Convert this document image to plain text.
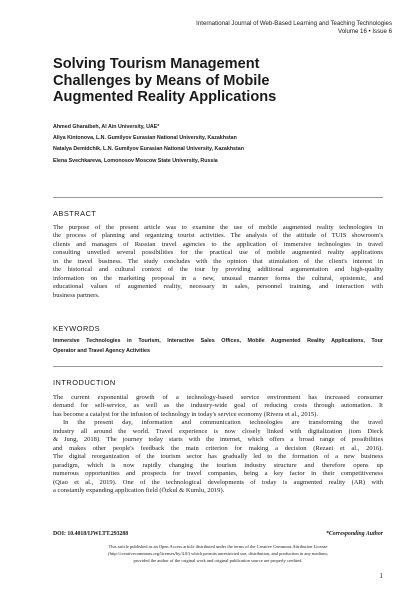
International Journal of Web-Based Learning and Teaching Technologies
Volume 16 • Issue 6
Solving Tourism Management
Challenges by Means of Mobile
Augmented Reality Applications
Ahmed Gharaibeh, Al Ain University, UAE*
Aliya Kintonova, L.N. Gumilyov Eurasian National University, Kazakhstan
Natalya Demidchik, L.N. Gumilyov Eurasian National University, Kazakhstan
Elena Svechkareva, Lomonosov Moscow State University, Russia
ABSTRACT
The purpose of the present article was to examine the use of mobile augmented reality technologies in
the process of planning and organizing tourist activities. The analysis of the attitude of TUIS showroom's
clients and managers of Russian travel agencies to the application of immersive technologies in travel
consulting unveiled several possibilities for the practical use of mobile augmented reality applications
in the travel business. The study concludes with the opinion that stimulation of the client's interest in
the historical and cultural context of the tour by providing additional argumentation and high-quality
information on the marketing proposal in a new, unusual manner forms the cultural, epistemic, and
educational values of augmented reality, necessary in sales, personnel training, and interaction with
business partners.
KEYWORDS
Immersive Technologies in Tourism, Interactive Sales Offices, Mobile Augmented Reality Applications, Tour
Operator and Travel Agency Activities
INTRODUCTION
The current exponential growth of a technology-based service environment has increased consumer
demand for self-service, as well as the industry-wide goal of reducing costs through automation. It
has become a catalyst for the infusion of technology in today's service economy (Rivera et al., 2015).
In the present day, information and communication technologies are transforming the travel
industry all around the world. Travel experience is now closely linked with digitalization (tom Dieck
& Jung, 2018). The journey today starts with the internet, which offers a broad range of possibilities
and makes other people's feedback the main criterion for making a decision (Rezaei et al., 2016).
The digital reorganization of the tourism sector has gradually led to the formation of a new business
paradigm, which is now rapidly changing the tourism industry structure and therefore opens up
numerous opportunities and prospects for travel companies, being a key factor in their competitiveness
(Qiao et al., 2019). One of the technological developments of today is augmented reality (AR) with
a constantly expanding application field (Özkul & Kumlu, 2019).
DOI: 10.4018/IJWLTT.293288	*Corresponding Author
This article published as an Open Access article distributed under the terms of the Creative Commons Attribution License
(http://creativecommons.org/licenses/by/4.0/) which permits unrestricted use, distribution, and production in any medium,
provided the author of the original work and original publication source are properly credited.
1
